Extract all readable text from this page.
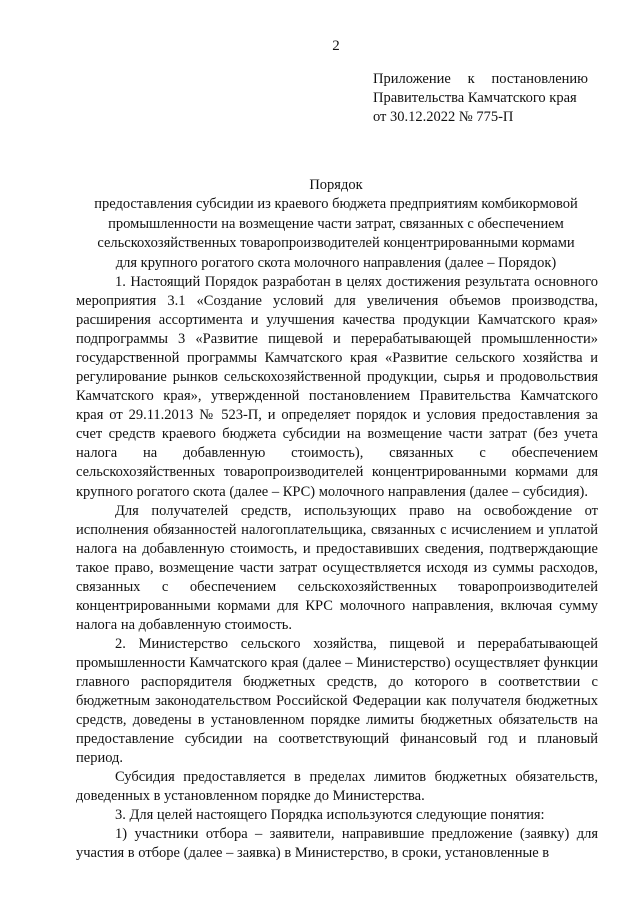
2
Приложение к постановлению
Правительства Камчатского края
от 30.12.2022 № 775-П
Порядок
предоставления субсидии из краевого бюджета предприятиям комбикормовой
промышленности на возмещение части затрат, связанных с обеспечением
сельскохозяйственных товаропроизводителей концентрированными кормами
для крупного рогатого скота молочного направления (далее – Порядок)

1. Настоящий Порядок разработан в целях достижения результата основного мероприятия 3.1 «Создание условий для увеличения объемов производства, расширения ассортимента и улучшения качества продукции Камчатского края» подпрограммы 3 «Развитие пищевой и перерабатывающей промышленности» государственной программы Камчатского края «Развитие сельского хозяйства и регулирование рынков сельскохозяйственной продукции, сырья и продовольствия Камчатского края», утвержденной постановлением Правительства Камчатского края от 29.11.2013 № 523-П, и определяет порядок и условия предоставления за счет средств краевого бюджета субсидии на возмещение части затрат (без учета налога на добавленную стоимость), связанных с обеспечением сельскохозяйственных товаропроизводителей концентрированными кормами для крупного рогатого скота (далее – КРС) молочного направления (далее – субсидия).

Для получателей средств, использующих право на освобождение от исполнения обязанностей налогоплательщика, связанных с исчислением и уплатой налога на добавленную стоимость, и предоставивших сведения, подтверждающие такое право, возмещение части затрат осуществляется исходя из суммы расходов, связанных с обеспечением сельскохозяйственных товаропроизводителей концентрированными кормами для КРС молочного направления, включая сумму налога на добавленную стоимость.

2. Министерство сельского хозяйства, пищевой и перерабатывающей промышленности Камчатского края (далее – Министерство) осуществляет функции главного распорядителя бюджетных средств, до которого в соответствии с бюджетным законодательством Российской Федерации как получателя бюджетных средств, доведены в установленном порядке лимиты бюджетных обязательств на предоставление субсидии на соответствующий финансовый год и плановый период.

Субсидия предоставляется в пределах лимитов бюджетных обязательств, доведенных в установленном порядке до Министерства.

3. Для целей настоящего Порядка используются следующие понятия:

1) участники отбора – заявители, направившие предложение (заявку) для участия в отборе (далее – заявка) в Министерство, в сроки, установленные в
